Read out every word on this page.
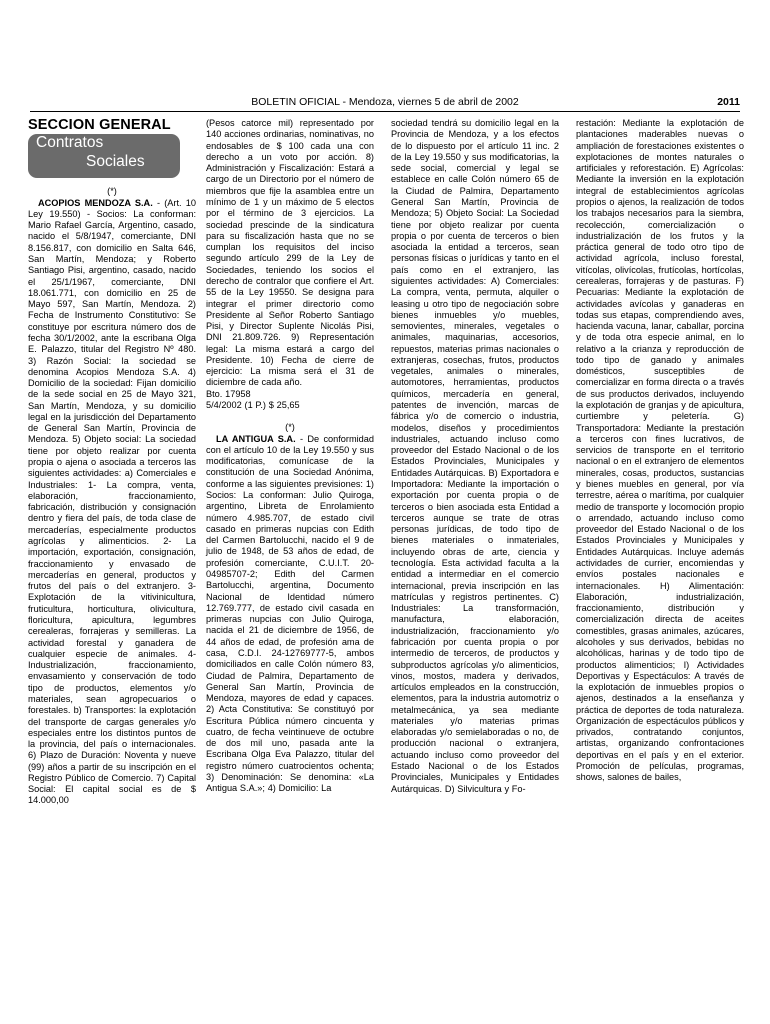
BOLETIN OFICIAL - Mendoza, viernes 5 de abril de 2002	2011
SECCION GENERAL
Contratos
Sociales

(*)

ACOPIOS MENDOZA S.A. - (Art. 10 Ley 19.550) - Socios: La conforman: Mario Rafael García, Argentino, casado, nacido el 5/8/1947, comerciante, DNI 8.156.817, con domicilio en Salta 646, San Martín, Mendoza; y Roberto Santiago Pisi, argentino, casado, nacido el 25/1/1967, comerciante, DNI 18.061.771, con domicilio en 25 de Mayo 597, San Martín, Mendoza. 2) Fecha de Instrumento Constitutivo: Se constituye por escritura número dos de fecha 30/1/2002, ante la escribana Olga E. Palazzo, titular del Registro Nº 480. 3) Razón Social: la sociedad se denomina Acopios Mendoza S.A. 4) Domicilio de la sociedad: Fijan domicilio de la sede social en 25 de Mayo 321, San Martín, Mendoza, y su domicilio legal en la jurisdicción del Departamento de General San Martín, Provincia de Mendoza. 5) Objeto social: La sociedad tiene por objeto realizar por cuenta propia o ajena o asociada a terceros las siguientes actividades: a) Comerciales e Industriales: 1- La compra, venta, elaboración, fraccionamiento, fabricación, distribución y consignación dentro y fiera del país, de toda clase de mercaderías, especialmente productos agrícolas y alimenticios. 2- La importación, exportación, consignación, fraccionamiento y envasado de mercaderías en general, productos y frutos del país o del extranjero. 3- Explotación de la vitivinicultura, fruticultura, horticultura, olivicultura, floricultura, apicultura, legumbres cerealeras, forrajeras y semilleras. La actividad forestal y ganadera de cualquier especie de animales. 4- Industrialización, fraccionamiento, envasamiento y conservación de todo tipo de productos, elementos y/o materiales, sean agropecuarios o forestales. b) Transportes: la explotación del transporte de cargas generales y/o especiales entre los distintos puntos de la provincia, del país o internacionales. 6) Plazo de Duración: Noventa y nueve (99) años a partir de su inscripción en el Registro Público de Comercio. 7) Capital Social: El capital social es de $ 14.000,00

(Pesos catorce mil) representado por 140 acciones ordinarias, nominativas, no endosables de $ 100 cada una con derecho a un voto por acción. 8) Administración y Fiscalización: Estará a cargo de un Directorio por el número de miembros que fije la asamblea entre un mínimo de 1 y un máximo de 5 electos por el término de 3 ejercicios. La sociedad prescinde de la sindicatura para su fiscalización hasta que no se cumplan los requisitos del inciso segundo artículo 299 de la Ley de Sociedades, teniendo los socios el derecho de contralor que confiere el Art. 55 de la Ley 19550. Se designa para integrar el primer directorio como Presidente al Señor Roberto Santiago Pisi, y Director Suplente Nicolás Pisi, DNI 21.809.726. 9) Representación legal: La misma estará a cargo del Presidente. 10) Fecha de cierre de ejercicio: La misma será el 31 de diciembre de cada año.

Bto. 17958

5/4/2002 (1 P.) $ 25,65

(*)

LA ANTIGUA S.A. - De conformidad con el artículo 10 de la Ley 19.550 y sus modificatorias, comunícase de la constitución de una Sociedad Anónima, conforme a las siguientes previsiones: 1) Socios: La conforman: Julio Quiroga, argentino, Libreta de Enrolamiento número 4.985.707, de estado civil casado en primeras nupcias con Edith del Carmen Bartolucchi, nacido el 9 de julio de 1948, de 53 años de edad, de profesión comerciante, C.U.I.T. 20-04985707-2; Edith del Carmen Bartolucchi, argentina, Documento Nacional de Identidad número 12.769.777, de estado civil casada en primeras nupcias con Julio Quiroga, nacida el 21 de diciembre de 1956, de 44 años de edad, de profesión ama de casa, C.D.I. 24-12769777-5, ambos domiciliados en calle Colón número 83, Ciudad de Palmira, Departamento de General San Martín, Provincia de Mendoza, mayores de edad y capaces. 2) Acta Constitutiva: Se constituyó por Escritura Pública número cincuenta y cuatro, de fecha veintinueve de octubre de dos mil uno, pasada ante la Escribana Olga Eva Palazzo, titular del registro número cuatrocientos ochenta; 3) Denominación: Se denomina: «La Antigua S.A.»; 4) Domicilio: La

sociedad tendrá su domicilio legal en la Provincia de Mendoza, y a los efectos de lo dispuesto por el artículo 11 inc. 2 de la Ley 19.550 y sus modificatorias, la sede social, comercial y legal se establece en calle Colón número 65 de la Ciudad de Palmira, Departamento General San Martín, Provincia de Mendoza; 5) Objeto Social: La Sociedad tiene por objeto realizar por cuenta propia o por cuenta de terceros o bien asociada la entidad a terceros, sean personas físicas o jurídicas y tanto en el país como en el extranjero, las siguientes actividades: A) Comerciales: La compra, venta, permuta, alquiler o leasing u otro tipo de negociación sobre bienes inmuebles y/o muebles, semovientes, minerales, vegetales o animales, maquinarias, accesorios, repuestos, materias primas nacionales o extranjeras, cosechas, frutos, productos vegetales, animales o minerales, automotores, herramientas, productos químicos, mercadería en general, patentes de invención, marcas de fábrica y/o de comercio o industria, modelos, diseños y procedimientos industriales, actuando incluso como proveedor del Estado Nacional o de los Estados Provinciales, Municipales y Entidades Autárquicas. B) Exportadora e Importadora: Mediante la importación o exportación por cuenta propia o de terceros o bien asociada esta Entidad a terceros aunque se trate de otras personas jurídicas, de todo tipo de bienes materiales o inmateriales, incluyendo obras de arte, ciencia y tecnología. Esta actividad faculta a la entidad a intermediar en el comercio internacional, previa inscripción en las matrículas y registros pertinentes. C) Industriales: La transformación, manufactura, elaboración, industrialización, fraccionamiento y/o fabricación por cuenta propia o por intermedio de terceros, de productos y subproductos agrícolas y/o alimenticios, vinos, mostos, madera y derivados, artículos empleados en la construcción, elementos, para la industria automotriz o metalmecánica, ya sea mediante materiales y/o materias primas elaboradas y/o semielaboradas o no, de producción nacional o extranjera, actuando incluso como proveedor del Estado Nacional o de los Estados Provinciales, Municipales y Entidades Autárquicas. D) Silvicultura y Fo-

restación: Mediante la explotación de plantaciones maderables nuevas o ampliación de forestaciones existentes o explotaciones de montes naturales o artificiales y reforestación. E) Agrícolas: Mediante la inversión en la explotación integral de establecimientos agrícolas propios o ajenos, la realización de todos los trabajos necesarios para la siembra, recolección, comercialización o industrialización de los frutos y la práctica general de todo otro tipo de actividad agrícola, incluso forestal, vitícolas, olivícolas, frutícolas, hortícolas, cerealeras, forrajeras y de pasturas. F) Pecuarias: Mediante la explotación de actividades avícolas y ganaderas en todas sus etapas, comprendiendo aves, hacienda vacuna, lanar, caballar, porcina y de toda otra especie animal, en lo relativo a la crianza y reproducción de todo tipo de ganado y animales domésticos, susceptibles de comercializar en forma directa o a través de sus productos derivados, incluyendo la explotación de granjas y de apicultura, curtiembre y peletería. G) Transportadora: Mediante la prestación a terceros con fines lucrativos, de servicios de transporte en el territorio nacional o en el extranjero de elementos minerales, cosas, productos, sustancias y bienes muebles en general, por vía terrestre, aérea o marítima, por cualquier medio de transporte y locomoción propio o arrendado, actuando incluso como proveedor del Estado Nacional o de los Estados Provinciales y Municipales y Entidades Autárquicas. Incluye además actividades de currier, encomiendas y envíos postales nacionales e internacionales. H) Alimentación: Elaboración, industrialización, fraccionamiento, distribución y comercialización directa de aceites comestibles, grasas animales, azúcares, alcoholes y sus derivados, bebidas no alcohólicas, harinas y de todo tipo de productos alimenticios; I) Actividades Deportivas y Espectáculos: A través de la explotación de inmuebles propios o ajenos, destinados a la enseñanza y práctica de deportes de toda naturaleza. Organización de espectáculos públicos y privados, contratando conjuntos, artistas, organizando confrontaciones deportivas en el país y en el exterior. Promoción de películas, programas, shows, salones de bailes,
